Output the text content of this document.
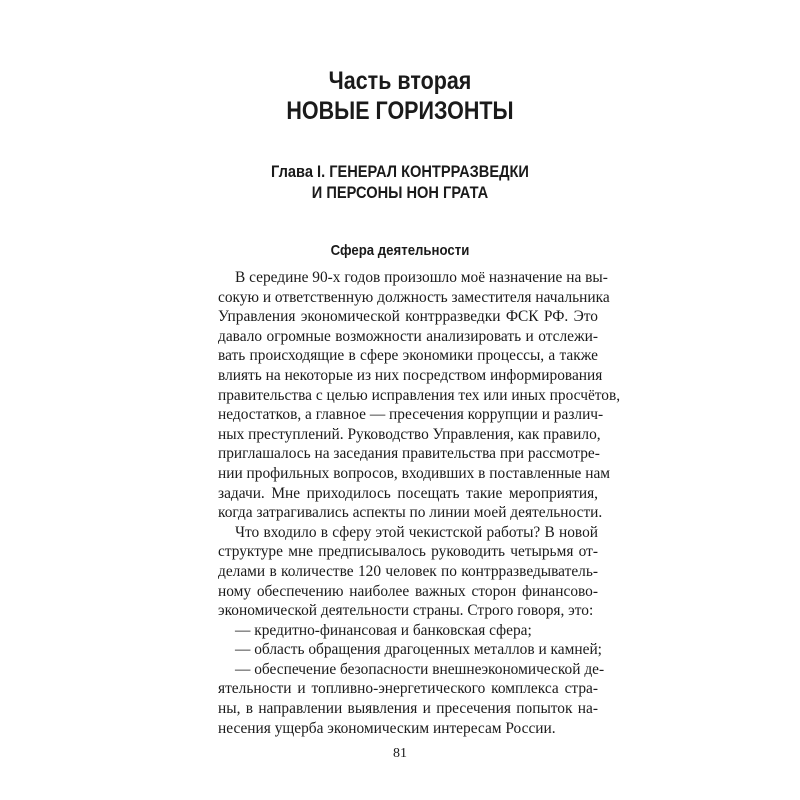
Часть вторая
НОВЫЕ ГОРИЗОНТЫ
Глава I. ГЕНЕРАЛ КОНТРРАЗВЕДКИ
И ПЕРСОНЫ НОН ГРАТА
Сфера деятельности
В середине 90-х годов произошло моё назначение на вы-
сокую и ответственную должность заместителя начальника
Управления экономической контрразведки ФСК РФ. Это
давало огромные возможности анализировать и отслежи-
вать происходящие в сфере экономики процессы, а также
влиять на некоторые из них посредством информирования
правительства с целью исправления тех или иных просчётов,
недостатков, а главное — пресечения коррупции и различ-
ных преступлений. Руководство Управления, как правило,
приглашалось на заседания правительства при рассмотре-
нии профильных вопросов, входивших в поставленные нам
задачи. Мне приходилось посещать такие мероприятия,
когда затрагивались аспекты по линии моей деятельности.
Что входило в сферу этой чекистской работы? В новой
структуре мне предписывалось руководить четырьмя от-
делами в количестве 120 человек по контрразведыватель-
ному обеспечению наиболее важных сторон финансово-
экономической деятельности страны. Строго говоря, это:
— кредитно-финансовая и банковская сфера;
— область обращения драгоценных металлов и камней;
— обеспечение безопасности внешнеэкономической де-
ятельности и топливно-энергетического комплекса стра-
ны, в направлении выявления и пресечения попыток на-
несения ущерба экономическим интересам России.
81
